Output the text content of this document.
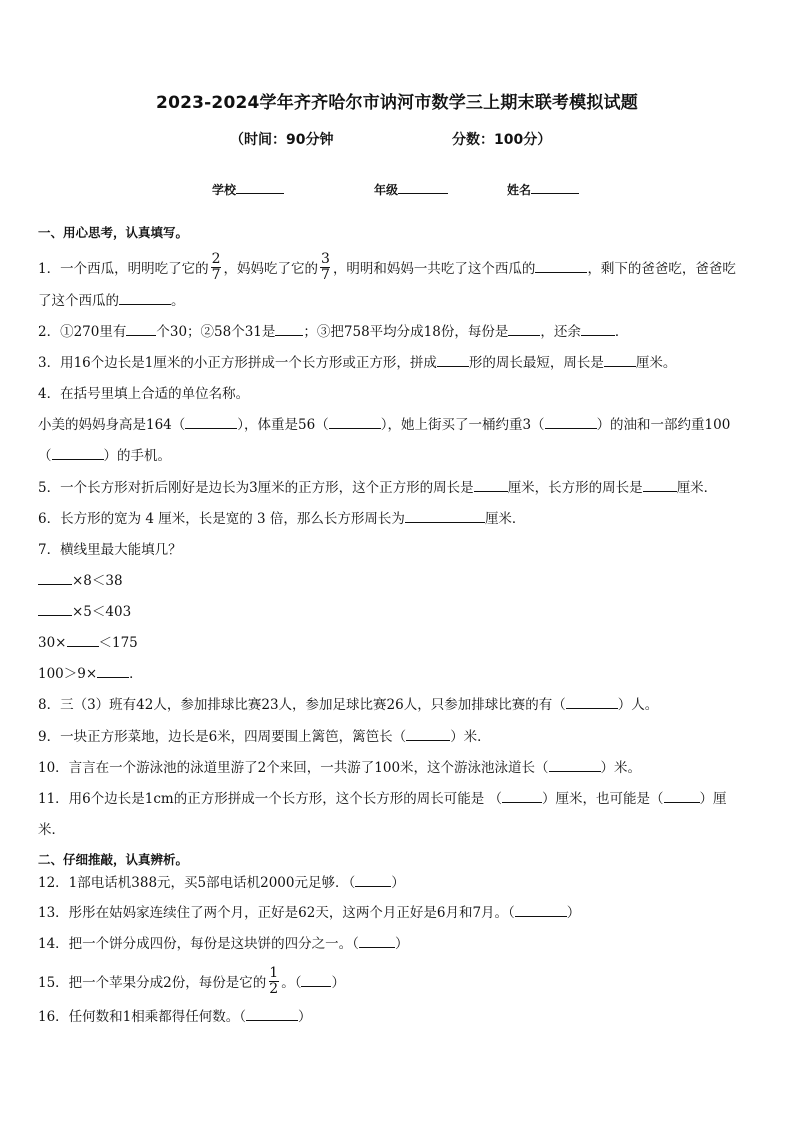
2023-2024学年齐齐哈尔市讷河市数学三上期末联考模拟试题
（时间：90分钟	分数：100分）
学校	年级	姓名
一、用心思考，认真填写。
1．一个西瓜，明明吃了它的 $\frac{2}{7}$ ，妈妈吃了它的 $\frac{3}{7}$ ，明明和妈妈一共吃了这个西瓜的	，剩下的爸爸吃，爸爸吃
了这个西瓜的	。
2．①270里有 个30；②58个31是 ；③把758平均分成18份，每份是 ，还余	．
3．用16个边长是1厘米的小正方形拼成一个长方形或正方形，拼成 形的周长最短，周长是 厘米。
4．在括号里填上合适的单位名称。
小美的妈妈身高是164（	），体重是56（	），她上街买了一桶约重3（	）的油和一部约重100
（	）的手机。
5．一个长方形对折后刚好是边长为3厘米的正方形，这个正方形的周长是	厘米，长方形的周长是	厘米．
6．长方形的宽为 4 厘米，长是宽的 3 倍，那么长方形周长为	厘米．
7．横线里最大能填几？
×8＜38
×5＜403
30× ＜175
100＞9× ．
8．三（3）班有42人，参加排球比赛23人，参加足球比赛26人，只参加排球比赛的有（	）人。
9．一块正方形菜地，边长是6米，四周要围上篱笆，篱笆长（	）米．
10．言言在一个游泳池的泳道里游了2个来回，一共游了100米，这个游泳池泳道长（	）米。
11．用6个边长是1cm的正方形拼成一个长方形，这个长方形的周长可能是 （	）厘米，也可能是（	）厘
米．
二、仔细推敲，认真辨析。
12．1部电话机388元，买5部电话机2000元足够．（	）
13．彤彤在姑妈家连续住了两个月，正好是62天，这两个月正好是6月和7月。（	）
14．把一个饼分成四份，每份是这块饼的四分之一。（	）
15．把一个苹果分成2份，每份是它的 $\frac{1}{2}$ 。（ ）
16．任何数和1相乘都得任何数。（	）
